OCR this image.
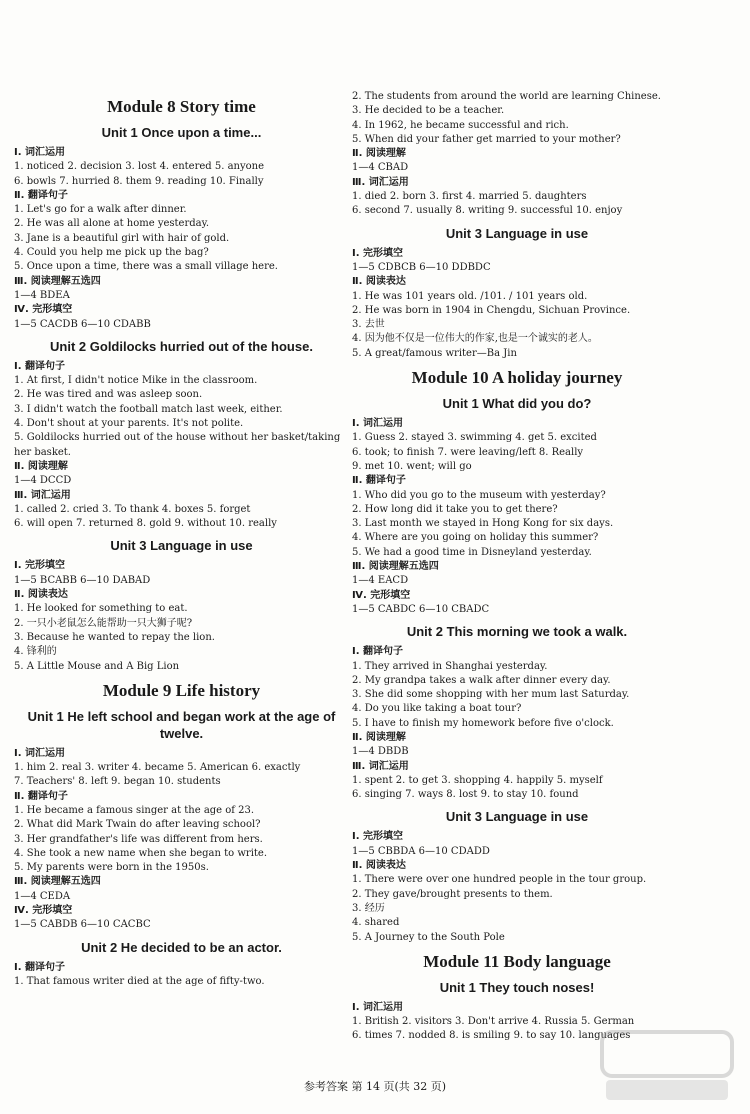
Module 8 Story time
Unit 1 Once upon a time...
Ⅰ. 词汇运用
1. noticed 2. decision 3. lost 4. entered 5. anyone
6. bowls 7. hurried 8. them 9. reading 10. Finally
Ⅱ. 翻译句子
1. Let's go for a walk after dinner.
2. He was all alone at home yesterday.
3. Jane is a beautiful girl with hair of gold.
4. Could you help me pick up the bag?
5. Once upon a time, there was a small village here.
Ⅲ. 阅读理解五选四
1—4 BDEA
Ⅳ. 完形填空
1—5 CACDB 6—10 CDABB
Unit 2 Goldilocks hurried out of the house.
Ⅰ. 翻译句子
1. At first, I didn't notice Mike in the classroom.
2. He was tired and was asleep soon.
3. I didn't watch the football match last week, either.
4. Don't shout at your parents. It's not polite.
5. Goldilocks hurried out of the house without her basket/taking her basket.
Ⅱ. 阅读理解
1—4 DCCD
Ⅲ. 词汇运用
1. called 2. cried 3. To thank 4. boxes 5. forget
6. will open 7. returned 8. gold 9. without 10. really
Unit 3 Language in use
Ⅰ. 完形填空
1—5 BCABB 6—10 DABAD
Ⅱ. 阅读表达
1. He looked for something to eat.
2. 一只小老鼠怎么能帮助一只大狮子呢?
3. Because he wanted to repay the lion.
4. 锋利的
5. A Little Mouse and A Big Lion
Module 9 Life history
Unit 1 He left school and began work at the age of twelve.
Ⅰ. 词汇运用
1. him 2. real 3. writer 4. became 5. American 6. exactly
7. Teachers' 8. left 9. began 10. students
Ⅱ. 翻译句子
1. He became a famous singer at the age of 23.
2. What did Mark Twain do after leaving school?
3. Her grandfather's life was different from hers.
4. She took a new name when she began to write.
5. My parents were born in the 1950s.
Ⅲ. 阅读理解五选四
1—4 CEDA
Ⅳ. 完形填空
1—5 CABDB 6—10 CACBC
Unit 2 He decided to be an actor.
Ⅰ. 翻译句子
1. That famous writer died at the age of fifty-two.
2. The students from around the world are learning Chinese.
3. He decided to be a teacher.
4. In 1962, he became successful and rich.
5. When did your father get married to your mother?
Ⅱ. 阅读理解
1—4 CBAD
Ⅲ. 词汇运用
1. died 2. born 3. first 4. married 5. daughters
6. second 7. usually 8. writing 9. successful 10. enjoy
Unit 3 Language in use
Ⅰ. 完形填空
1—5 CDBCB 6—10 DDBDC
Ⅱ. 阅读表达
1. He was 101 years old. /101. / 101 years old.
2. He was born in 1904 in Chengdu, Sichuan Province.
3. 去世
4. 因为他不仅是一位伟大的作家,也是一个诚实的老人。
5. A great/famous writer—Ba Jin
Module 10 A holiday journey
Unit 1 What did you do?
Ⅰ. 词汇运用
1. Guess 2. stayed 3. swimming 4. get 5. excited
6. took; to finish 7. were leaving/left 8. Really
9. met 10. went; will go
Ⅱ. 翻译句子
1. Who did you go to the museum with yesterday?
2. How long did it take you to get there?
3. Last month we stayed in Hong Kong for six days.
4. Where are you going on holiday this summer?
5. We had a good time in Disneyland yesterday.
Ⅲ. 阅读理解五选四
1—4 EACD
Ⅳ. 完形填空
1—5 CABDC 6—10 CBADC
Unit 2 This morning we took a walk.
Ⅰ. 翻译句子
1. They arrived in Shanghai yesterday.
2. My grandpa takes a walk after dinner every day.
3. She did some shopping with her mum last Saturday.
4. Do you like taking a boat tour?
5. I have to finish my homework before five o'clock.
Ⅱ. 阅读理解
1—4 DBDB
Ⅲ. 词汇运用
1. spent 2. to get 3. shopping 4. happily 5. myself
6. singing 7. ways 8. lost 9. to stay 10. found
Unit 3 Language in use
Ⅰ. 完形填空
1—5 CBBDA 6—10 CDADD
Ⅱ. 阅读表达
1. There were over one hundred people in the tour group.
2. They gave/brought presents to them.
3. 经历
4. shared
5. A Journey to the South Pole
Module 11 Body language
Unit 1 They touch noses!
Ⅰ. 词汇运用
1. British 2. visitors 3. Don't arrive 4. Russia 5. German
6. times 7. nodded 8. is smiling 9. to say 10. languages
参考答案 第 14 页(共 32 页)
